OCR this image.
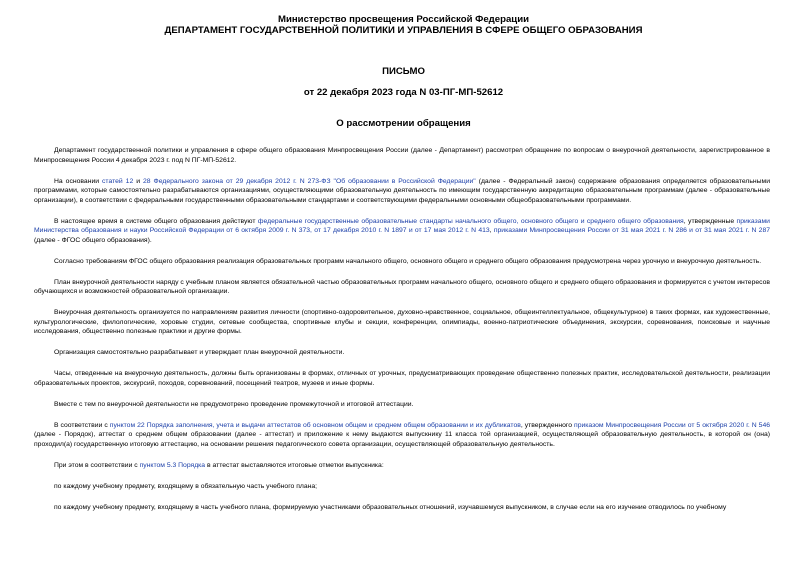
Министерство просвещения Российской Федерации
ДЕПАРТАМЕНТ ГОСУДАРСТВЕННОЙ ПОЛИТИКИ И УПРАВЛЕНИЯ В СФЕРЕ ОБЩЕГО ОБРАЗОВАНИЯ
ПИСЬМО
от 22 декабря 2023 года N 03-ПГ-МП-52612
О рассмотрении обращения

Департамент государственной политики и управления в сфере общего образования Минпросвещения России (далее - Департамент) рассмотрел обращение по вопросам о внеурочной деятельности, зарегистрированное в Минпросвещения России 4 декабря 2023 г. под N ПГ-МП-52612.

На основании статей 12 и 28 Федерального закона от 29 декабря 2012 г. N 273-ФЗ "Об образовании в Российской Федерации" (далее - Федеральный закон) содержание образования определяется образовательными программами, которые самостоятельно разрабатываются организациями, осуществляющими образовательную деятельность по имеющим государственную аккредитацию образовательным программам (далее - образовательные организации), в соответствии с федеральными государственными образовательными стандартами и соответствующими федеральными основными общеобразовательными программами.

В настоящее время в системе общего образования действуют федеральные государственные образовательные стандарты начального общего, основного общего и среднего общего образования, утвержденные приказами Министерства образования и науки Российской Федерации от 6 октября 2009 г. N 373, от 17 декабря 2010 г. N 1897 и от 17 мая 2012 г. N 413, приказами Минпросвещения России от 31 мая 2021 г. N 286 и от 31 мая 2021 г. N 287 (далее - ФГОС общего образования).

Согласно требованиям ФГОС общего образования реализация образовательных программ начального общего, основного общего и среднего общего образования предусмотрена через урочную и внеурочную деятельность.

План внеурочной деятельности наряду с учебным планом является обязательной частью образовательных программ начального общего, основного общего и среднего общего образования и формируется с учетом интересов обучающихся и возможностей образовательной организации.

Внеурочная деятельность организуется по направлениям развития личности (спортивно-оздоровительное, духовно-нравственное, социальное, общеинтеллектуальное, общекультурное) в таких формах, как художественные, культурологические, филологические, хоровые студии, сетевые сообщества, спортивные клубы и секции, конференции, олимпиады, военно-патриотические объединения, экскурсии, соревнования, поисковые и научные исследования, общественно полезные практики и другие формы.

Организация самостоятельно разрабатывает и утверждает план внеурочной деятельности.

Часы, отведенные на внеурочную деятельность, должны быть организованы в формах, отличных от урочных, предусматривающих проведение общественно полезных практик, исследовательской деятельности, реализации образовательных проектов, экскурсий, походов, соревнований, посещений театров, музеев и иные формы.

Вместе с тем по внеурочной деятельности не предусмотрено проведение промежуточной и итоговой аттестации.

В соответствии с пунктом 22 Порядка заполнения, учета и выдачи аттестатов об основном общем и среднем общем образовании и их дубликатов, утвержденного приказом Минпросвещения России от 5 октября 2020 г. N 546 (далее - Порядок), аттестат о среднем общем образовании (далее - аттестат) и приложение к нему выдаются выпускнику 11 класса той организацией, осуществляющей образовательную деятельность, в которой он (она) проходил(а) государственную итоговую аттестацию, на основании решения педагогического совета организации, осуществляющей образовательную деятельность.

При этом в соответствии с пунктом 5.3 Порядка в аттестат выставляются итоговые отметки выпускника:

по каждому учебному предмету, входящему в обязательную часть учебного плана;

по каждому учебному предмету, входящему в часть учебного плана, формируемую участниками образовательных отношений, изучавшемуся выпускником, в случае если на его изучение отводилось по учебному
